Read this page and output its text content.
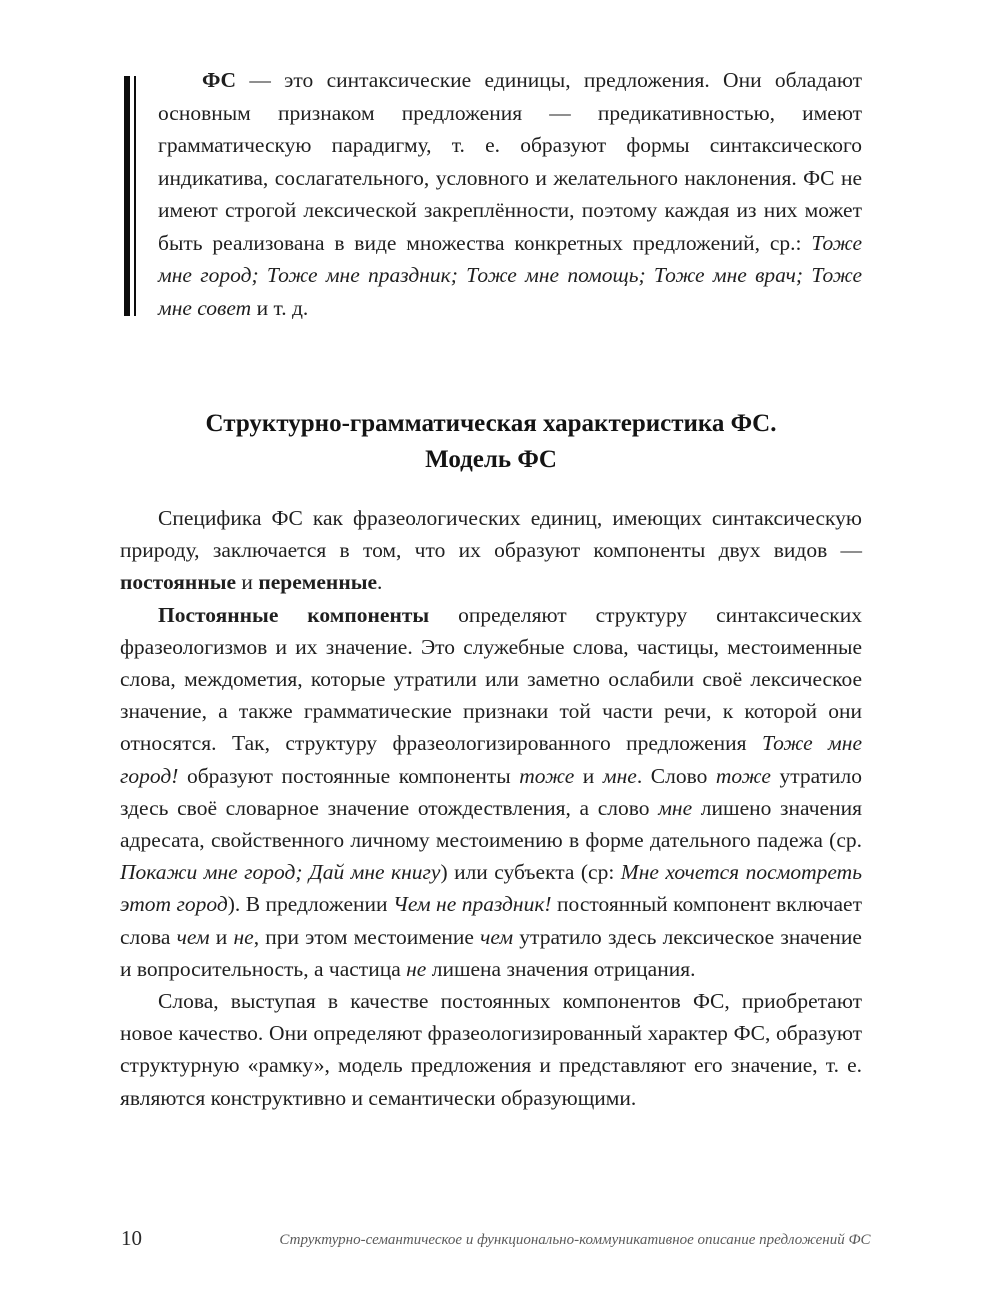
ФС — это синтаксические единицы, предложения. Они обладают основным признаком предложения — предикативностью, имеют грамматическую парадигму, т. е. образуют формы синтаксического индикатива, сослагательного, условного и желательного наклонения. ФС не имеют строгой лексической закреплённости, поэтому каждая из них может быть реализована в виде множества конкретных предложений, ср.: Тоже мне город; Тоже мне праздник; Тоже мне помощь; Тоже мне врач; Тоже мне совет и т. д.

Структурно-грамматическая характеристика ФС.
Модель ФС

Специфика ФС как фразеологических единиц, имеющих синтаксическую природу, заключается в том, что их образуют компоненты двух видов — постоянные и переменные.

Постоянные компоненты определяют структуру синтаксических фразеологизмов и их значение. Это служебные слова, частицы, местоименные слова, междометия, которые утратили или заметно ослабили своё лексическое значение, а также грамматические признаки той части речи, к которой они относятся. Так, структуру фразеологизированного предложения Тоже мне город! образуют постоянные компоненты тоже и мне. Слово тоже утратило здесь своё словарное значение отождествления, а слово мне лишено значения адресата, свойственного личному местоимению в форме дательного падежа (ср. Покажи мне город; Дай мне книгу) или субъекта (ср: Мне хочется посмотреть этот город). В предложении Чем не праздник! постоянный компонент включает слова чем и не, при этом местоимение чем утратило здесь лексическое значение и вопросительность, а частица не лишена значения отрицания.

Слова, выступая в качестве постоянных компонентов ФС, приобретают новое качество. Они определяют фразеологизированный характер ФС, образуют структурную «рамку», модель предложения и представляют его значение, т. е. являются конструктивно и семантически образующими.

10	Структурно-семантическое и функционально-коммуникативное описание предложений ФС
